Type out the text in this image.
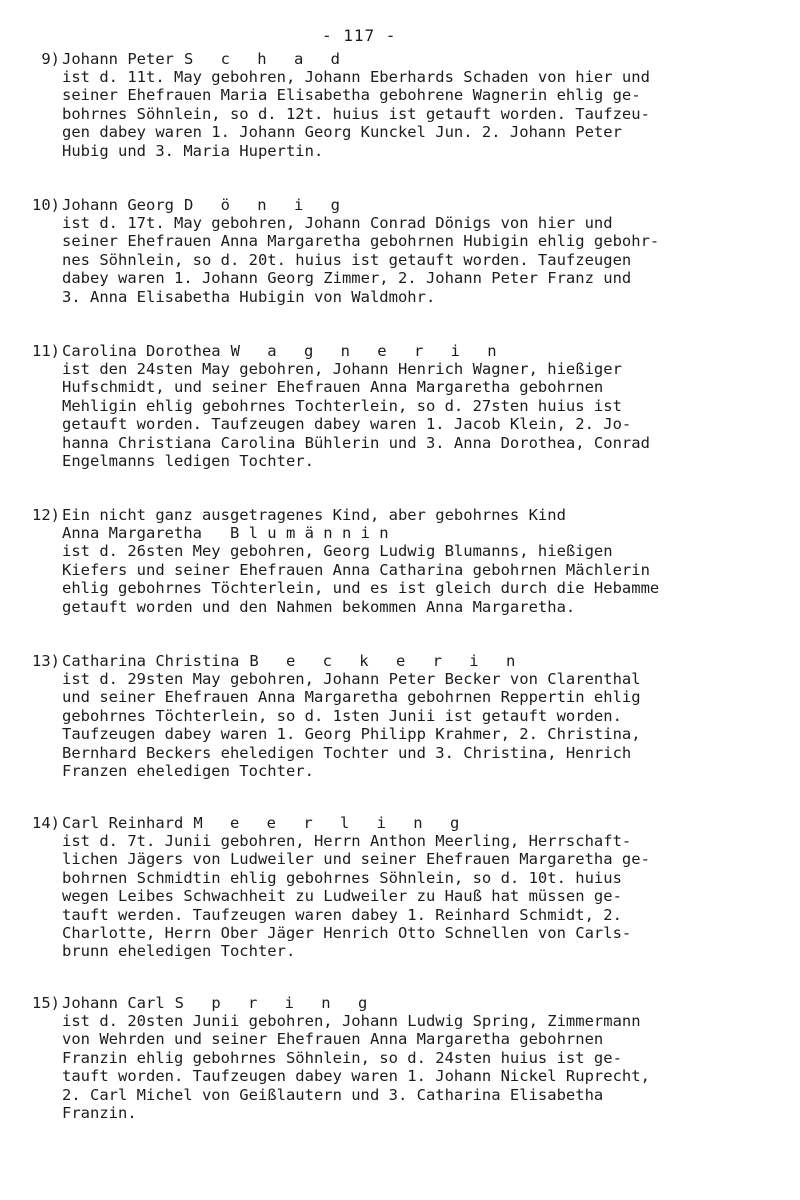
- 117 -
9) Johann Peter S c h a d
ist d. 11t. May gebohren, Johann Eberhards Schaden von hier und
seiner Ehefrauen Maria Elisabetha gebohrene Wagnerin ehlig ge-
bohrnes Söhnlein, so d. 12t. huius ist getauft worden. Taufzeu-
gen dabey waren 1. Johann Georg Kunckel Jun. 2. Johann Peter
Hubig und 3. Maria Hupertin.
10) Johann Georg D ö n i g
ist d. 17t. May gebohren, Johann Conrad Dönigs von hier und
seiner Ehefrauen Anna Margaretha gebohrnen Hubigin ehlig gebohr-
nes Söhnlein, so d. 20t. huius ist getauft worden. Taufzeugen
dabey waren 1. Johann Georg Zimmer, 2. Johann Peter Franz und
3. Anna Elisabetha Hubigin von Waldmohr.
11) Carolina Dorothea W a g n e r i n
ist den 24sten May gebohren, Johann Henrich Wagner, hießiger
Hufschmidt, und seiner Ehefrauen Anna Margaretha gebohrnen
Mehligin ehlig gebohrnes Tochterlein, so d. 27sten huius ist
getauft worden. Taufzeugen dabey waren 1. Jacob Klein, 2. Jo-
hanna Christiana Carolina Bühlerin und 3. Anna Dorothea, Conrad
Engelmanns ledigen Tochter.
12) Ein nicht ganz ausgetragenes Kind, aber gebohrnes Kind
Anna Margaretha   B l u m ä n n i n
ist d. 26sten Mey gebohren, Georg Ludwig Blumanns, hießigen
Kiefers und seiner Ehefrauen Anna Catharina gebohrnen Mächlerin
ehlig gebohrnes Töchterlein, und es ist gleich durch die Hebamme
getauft worden und den Nahmen bekommen Anna Margaretha.
13) Catharina Christina B e c k e r i n
ist d. 29sten May gebohren, Johann Peter Becker von Clarenthal
und seiner Ehefrauen Anna Margaretha gebohrnen Reppertin ehlig
gebohrnes Töchterlein, so d. 1sten Junii ist getauft worden.
Taufzeugen dabey waren 1. Georg Philipp Krahmer, 2. Christina,
Bernhard Beckers eheledigen Tochter und 3. Christina, Henrich
Franzen eheledigen Tochter.
14) Carl Reinhard M e e r l i n g
ist d. 7t. Junii gebohren, Herrn Anthon Meerling, Herrschaft-
lichen Jägers von Ludweiler und seiner Ehefrauen Margaretha ge-
bohrnen Schmidtin ehlig gebohrnes Söhnlein, so d. 10t. huius
wegen Leibes Schwachheit zu Ludweiler zu Hauß hat müssen ge-
tauft werden. Taufzeugen waren dabey 1. Reinhard Schmidt, 2.
Charlotte, Herrn Ober Jäger Henrich Otto Schnellen von Carls-
brunn eheledigen Tochter.
15) Johann Carl S p r i n g
ist d. 20sten Junii gebohren, Johann Ludwig Spring, Zimmermann
von Wehrden und seiner Ehefrauen Anna Margaretha gebohrnen
Franzin ehlig gebohrnes Söhnlein, so d. 24sten huius ist ge-
tauft worden. Taufzeugen dabey waren 1. Johann Nickel Ruprecht,
2. Carl Michel von Geißlautern und 3. Catharina Elisabetha
Franzin.
